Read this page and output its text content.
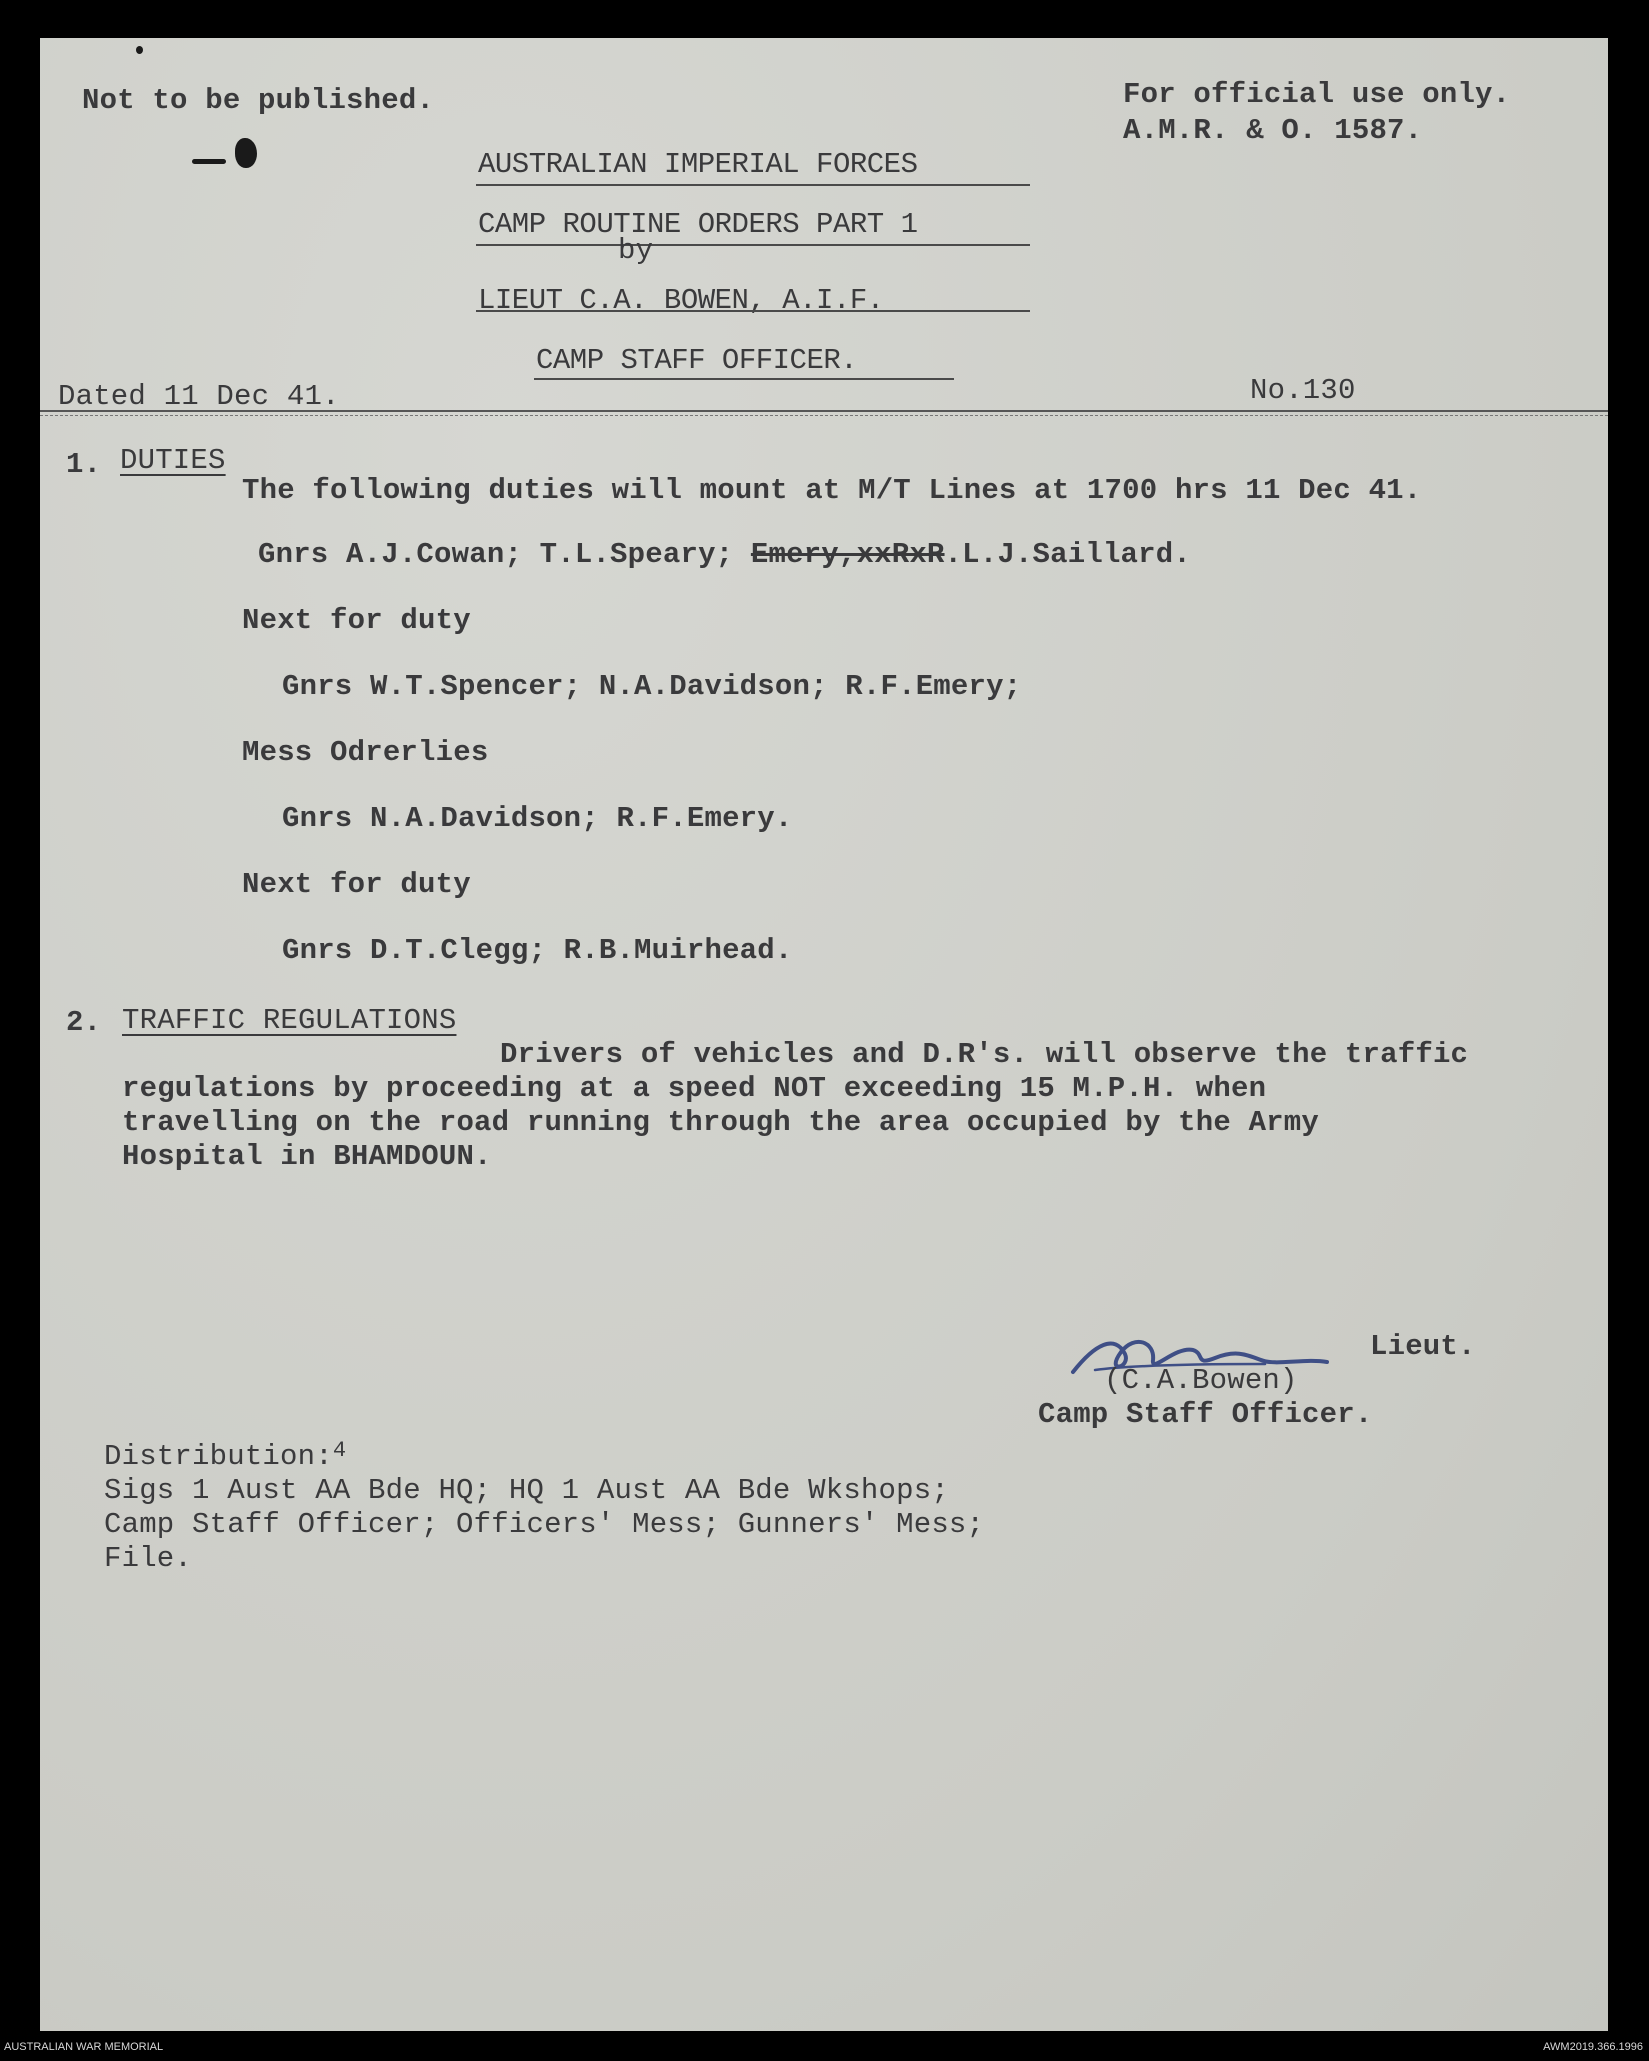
Not to be published.	For official use only.
A.M.R. & O. 1587.
AUSTRALIAN IMPERIAL FORCES
CAMP ROUTINE ORDERS PART 1
by
LIEUT C.A. BOWEN, A.I.F.
CAMP STAFF OFFICER.
Dated 11 Dec 41.	No.130
1. DUTIES
The following duties will mount at M/T Lines at 1700 hrs 11 Dec 41.
Gnrs A.J.Cowan; T.L.Speary; Emery,xxRxR.L.J.Saillard.
Next for duty
Gnrs W.T.Spencer; N.A.Davidson; R.F.Emery;
Mess Odrerlies
Gnrs N.A.Davidson; R.F.Emery.
Next for duty
Gnrs D.T.Clegg; R.B.Muirhead.
2. TRAFFIC REGULATIONS
Drivers of vehicles and D.R's. will observe the traffic
regulations by proceeding at a speed NOT exceeding 15 M.P.H. when
travelling on the road running through the area occupied by the Army
Hospital in BHAMDOUN.
Lieut.
(C.A.Bowen)
Camp Staff Officer.
Distribution:$^4$
Sigs 1 Aust AA Bde HQ; HQ 1 Aust AA Bde Wkshops;
Camp Staff Officer; Officers' Mess; Gunners' Mess;
File.
AUSTRALIAN WAR MEMORIAL	AWM2019.366.1996
